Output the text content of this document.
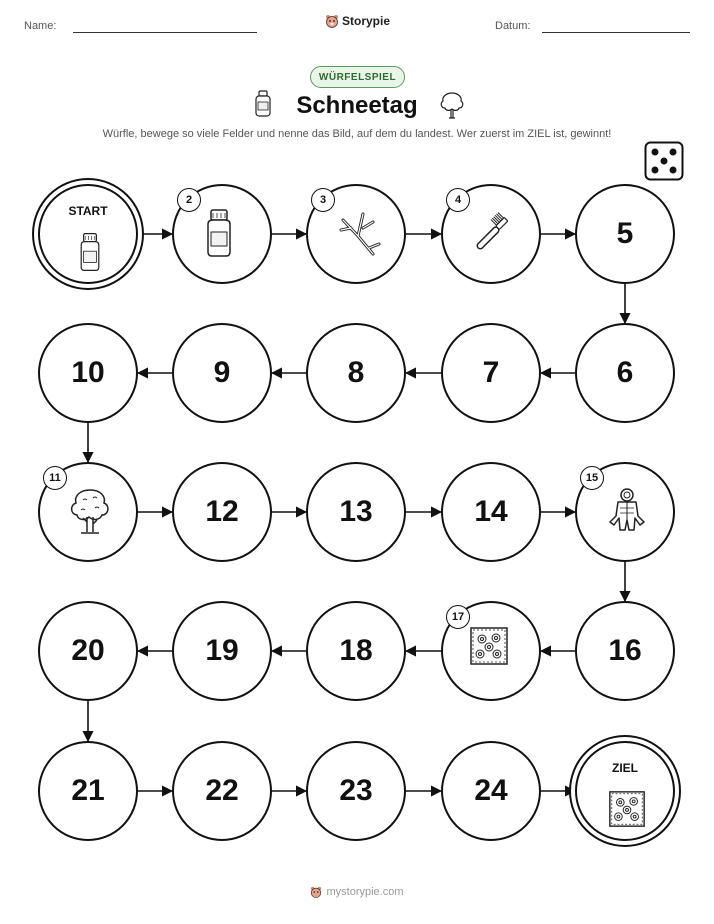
Name:	Storypie	Datum:
WÜRFELSPIEL
Schneetag
Würfle, bewege so viele Felder und nenne das Bild, auf dem du landest. Wer zuerst im ZIEL ist, gewinnt!
START
2	3	4
5
6
7
8
9
10
11
12	13	14
15
16
17
18
19
20
21	22	23	24
ZIEL
mystorypie.com
